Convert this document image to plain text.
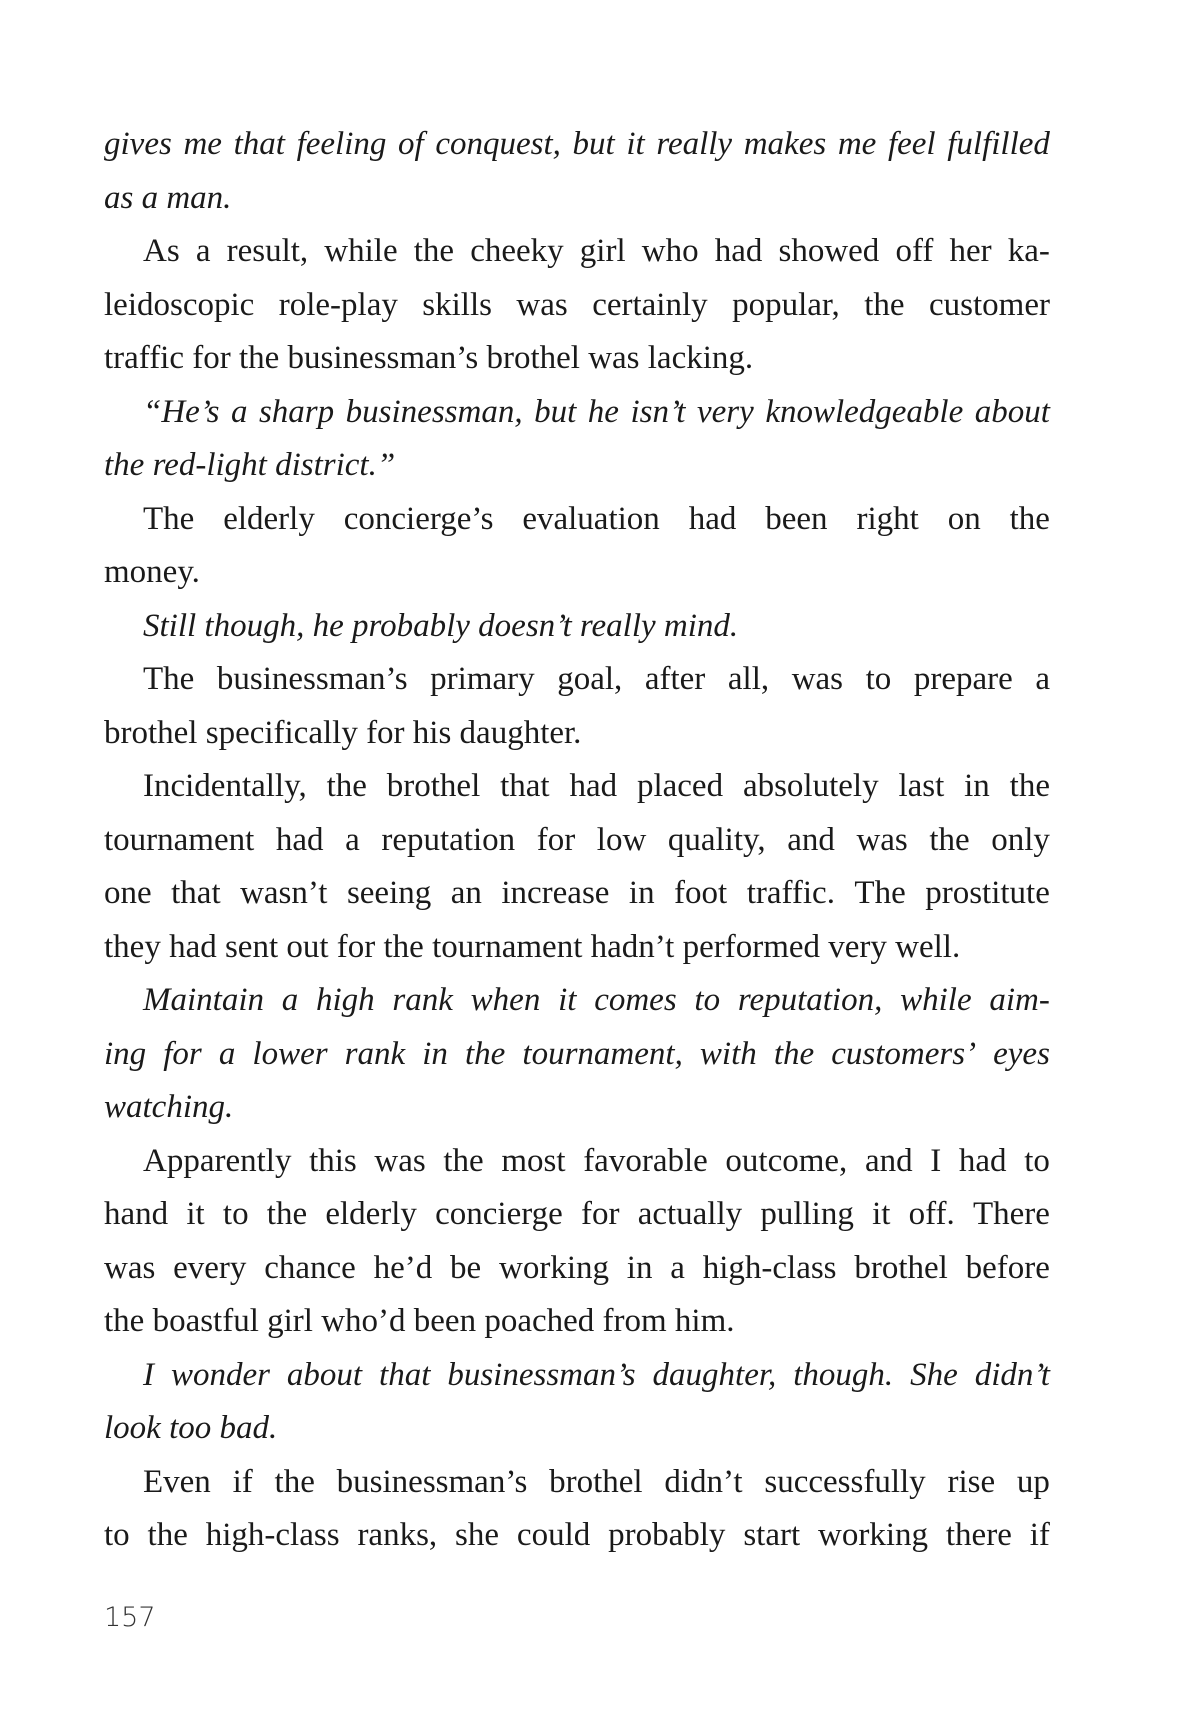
gives me that feeling of conquest, but it really makes me feel fulfilled
as a man.
As a result, while the cheeky girl who had showed off her ka-
leidoscopic role-play skills was certainly popular, the customer
traffic for the businessman’s brothel was lacking.
“He’s a sharp businessman, but he isn’t very knowledgeable about
the red-light district.”
The elderly concierge’s evaluation had been right on the
money.
Still though, he probably doesn’t really mind.
The businessman’s primary goal, after all, was to prepare a
brothel specifically for his daughter.
Incidentally, the brothel that had placed absolutely last in the
tournament had a reputation for low quality, and was the only
one that wasn’t seeing an increase in foot traffic. The prostitute
they had sent out for the tournament hadn’t performed very well.
Maintain a high rank when it comes to reputation, while aim-
ing for a lower rank in the tournament, with the customers’ eyes
watching.
Apparently this was the most favorable outcome, and I had to
hand it to the elderly concierge for actually pulling it off. There
was every chance he’d be working in a high-class brothel before
the boastful girl who’d been poached from him.
I wonder about that businessman’s daughter, though. She didn’t
look too bad.
Even if the businessman’s brothel didn’t successfully rise up
to the high-class ranks, she could probably start working there if
157
